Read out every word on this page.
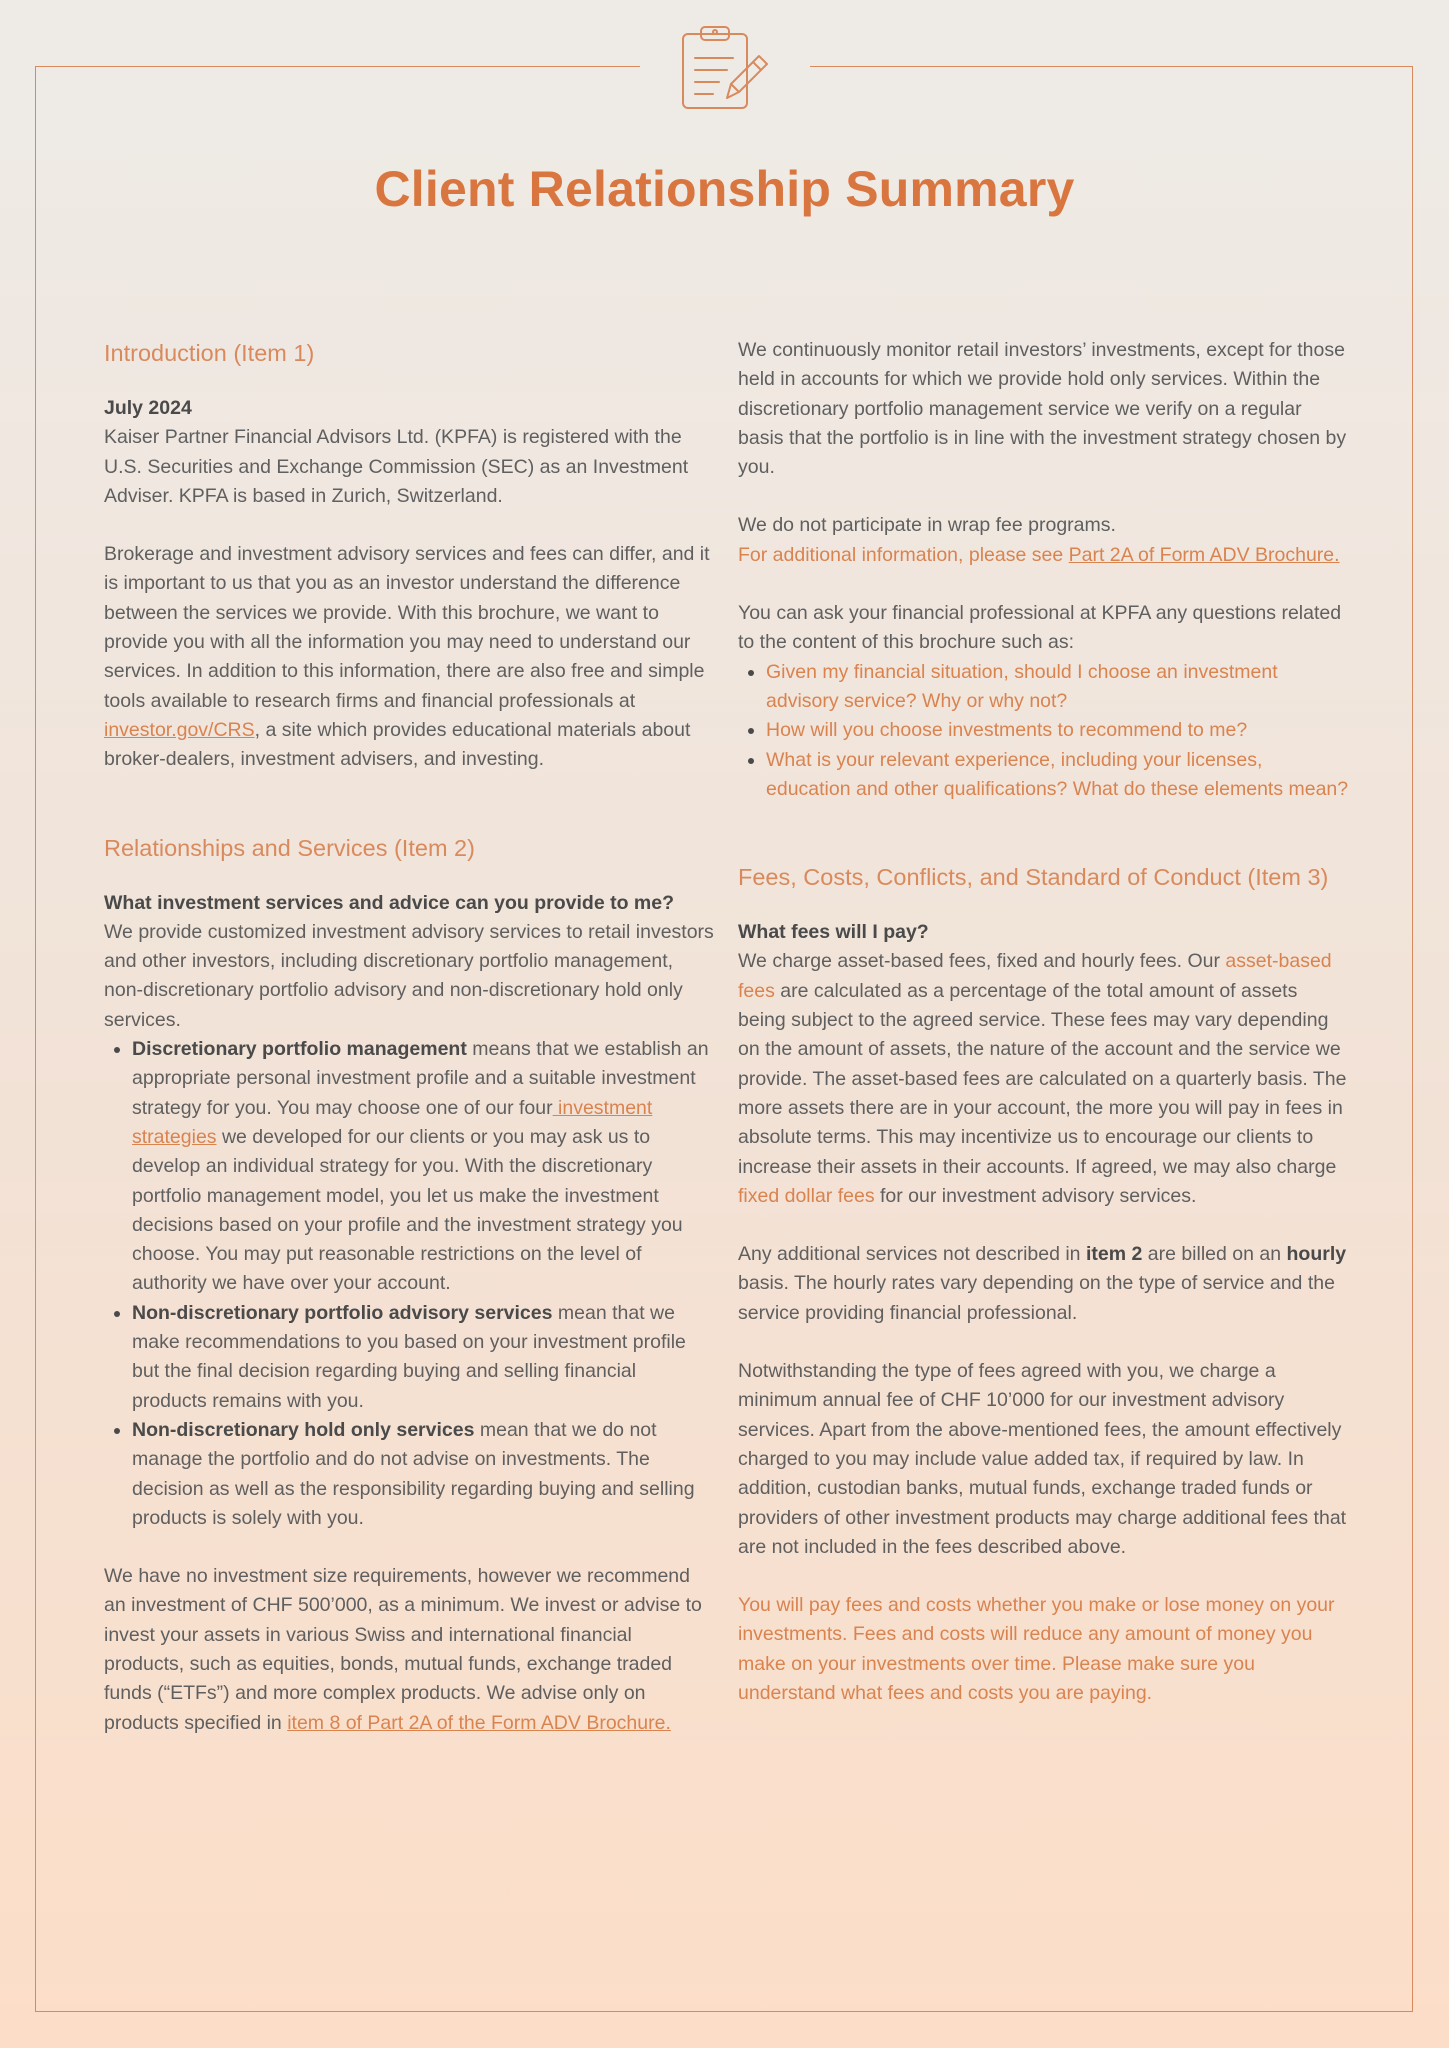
Client Relationship Summary
Introduction (Item 1)

July 2024

Kaiser Partner Financial Advisors Ltd. (KPFA) is registered with the U.S. Securities and Exchange Commission (SEC) as an Investment Adviser. KPFA is based in Zurich, Switzerland.

Brokerage and investment advisory services and fees can differ, and it is important to us that you as an investor understand the difference between the services we provide. With this brochure, we want to provide you with all the information you may need to understand our services. In addition to this information, there are also free and simple tools available to research firms and financial professionals at investor.gov/CRS, a site which provides educational materials about broker-dealers, investment advisers, and investing.

Relationships and Services (Item 2)

What investment services and advice can you provide to me?

We provide customized investment advisory services to retail investors and other investors, including discretionary portfolio management, non-discretionary portfolio advisory and non-discretionary hold only services.

• Discretionary portfolio management means that we establish an appropriate personal investment profile and a suitable investment strategy for you. You may choose one of our four investment strategies we developed for our clients or you may ask us to develop an individual strategy for you. With the discretionary portfolio management model, you let us make the investment decisions based on your profile and the investment strategy you choose. You may put reasonable restrictions on the level of authority we have over your account.
• Non-discretionary portfolio advisory services mean that we make recommendations to you based on your investment profile but the final decision regarding buying and selling financial products remains with you.
• Non-discretionary hold only services mean that we do not manage the portfolio and do not advise on investments. The decision as well as the responsibility regarding buying and selling products is solely with you.

We have no investment size requirements, however we recommend an investment of CHF 500’000, as a minimum. We invest or advise to invest your assets in various Swiss and international financial products, such as equities, bonds, mutual funds, exchange traded funds (“ETFs”) and more complex products. We advise only on products specified in item 8 of Part 2A of the Form ADV Brochure.

We continuously monitor retail investors’ investments, except for those held in accounts for which we provide hold only services. Within the discretionary portfolio management service we verify on a regular basis that the portfolio is in line with the investment strategy chosen by you.

We do not participate in wrap fee programs.

For additional information, please see Part 2A of Form ADV Brochure.

You can ask your financial professional at KPFA any questions related to the content of this brochure such as:

• Given my financial situation, should I choose an investment advisory service? Why or why not?
• How will you choose investments to recommend to me?
• What is your relevant experience, including your licenses, education and other qualifications? What do these elements mean?
Fees, Costs, Conflicts, and Standard of Conduct (Item 3)

What fees will I pay?

We charge asset-based fees, fixed and hourly fees. Our asset-based fees are calculated as a percentage of the total amount of assets being subject to the agreed service. These fees may vary depending on the amount of assets, the nature of the account and the service we provide. The asset-based fees are calculated on a quarterly basis. The more assets there are in your account, the more you will pay in fees in absolute terms. This may incentivize us to encourage our clients to increase their assets in their accounts. If agreed, we may also charge fixed dollar fees for our investment advisory services.

Any additional services not described in item 2 are billed on an hourly basis. The hourly rates vary depending on the type of service and the service providing financial professional.

Notwithstanding the type of fees agreed with you, we charge a minimum annual fee of CHF 10’000 for our investment advisory services. Apart from the above-mentioned fees, the amount effectively charged to you may include value added tax, if required by law. In addition, custodian banks, mutual funds, exchange traded funds or providers of other investment products may charge additional fees that are not included in the fees described above.

You will pay fees and costs whether you make or lose money on your investments. Fees and costs will reduce any amount of money you make on your investments over time. Please make sure you understand what fees and costs you are paying.
